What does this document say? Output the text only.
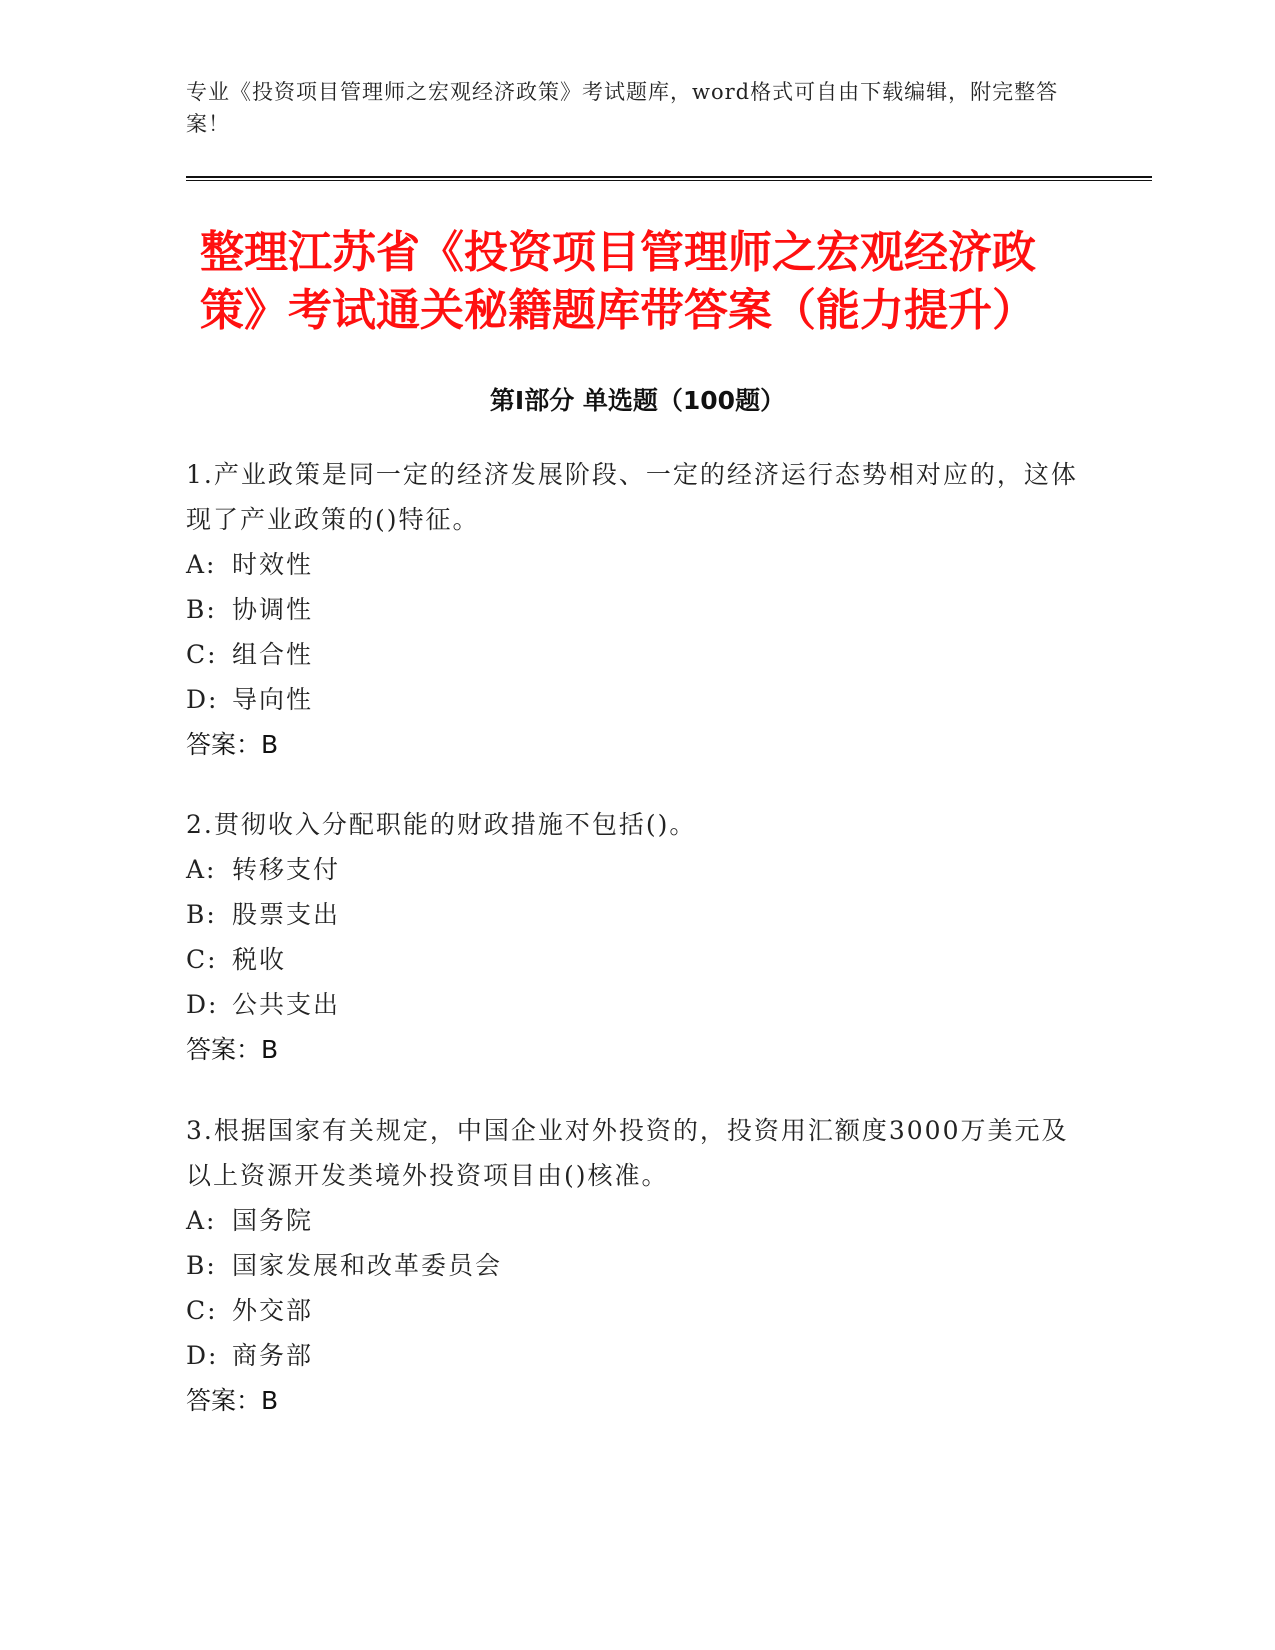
专业《投资项目管理师之宏观经济政策》考试题库，word格式可自由下载编辑，附完整答案！
整理江苏省《投资项目管理师之宏观经济政策》考试通关秘籍题库带答案（能力提升）
第Ⅰ部分 单选题（100题）

1.产业政策是同一定的经济发展阶段、一定的经济运行态势相对应的，这体现了产业政策的()特征。

A: 时效性

B: 协调性

C: 组合性

D: 导向性

答案：B

2.贯彻收入分配职能的财政措施不包括()。

A: 转移支付

B: 股票支出

C: 税收

D: 公共支出

答案：B

3.根据国家有关规定，中国企业对外投资的，投资用汇额度3000万美元及以上资源开发类境外投资项目由()核准。

A: 国务院

B: 国家发展和改革委员会

C: 外交部

D: 商务部

答案：B
